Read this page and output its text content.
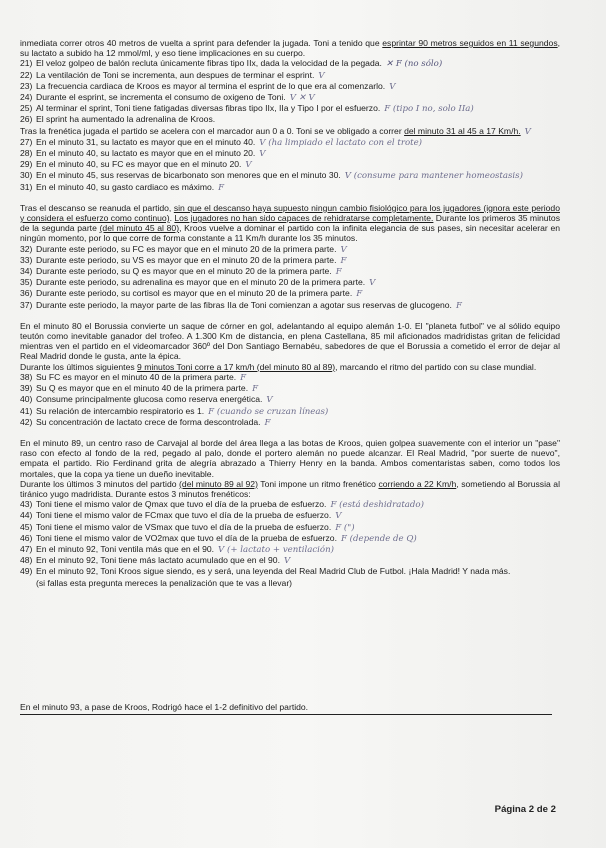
inmediata correr otros 40 metros de vuelta a sprint para defender la jugada. Toni a tenido que esprintar 90 metros seguidos en 11 segundos, su lactato a subido ha 12 mmol/ml, y eso tiene implicaciones en su cuerpo.

21) El veloz golpeo de balón recluta únicamente fibras tipo IIx, dada la velocidad de la pegada. ✕ F (no sólo)
22) La ventilación de Toni se incrementa, aun despues de terminar el esprint. V
23) La frecuencia cardiaca de Kroos es mayor al termina el esprint de lo que era al comenzarlo. V
24) Durante el esprint, se incrementa el consumo de oxigeno de Toni. V ✕ V
25) Al terminar el sprint, Toni tiene fatigadas diversas fibras tipo IIx, IIa y Tipo I por el esfuerzo. F (tipo I no, solo IIa)
26) El sprint ha aumentado la adrenalina de Kroos.

Tras la frenética jugada el partido se acelera con el marcador aun 0 a 0. Toni se ve obligado a correr del minuto 31 al 45 a 17 Km/h. V

27) En el minuto 31, su lactato es mayor que en el minuto 40. V (ha limpiado el lactato con el trote)
28) En el minuto 40, su lactato es mayor que en el minuto 20. V
29) En el minuto 40, su FC es mayor que en el minuto 20. V
30) En el minuto 45, sus reservas de bicarbonato son menores que en el minuto 30. V (consume para mantener homeostasis)
31) En el minuto 40, su gasto cardiaco es máximo. F

Tras el descanso se reanuda el partido, sin que el descanso haya supuesto ningun cambio fisiológico para los jugadores (ignora este periodo y considera el esfuerzo como continuo). Los jugadores no han sido capaces de rehidratarse completamente. Durante los primeros 35 minutos de la segunda parte (del minuto 45 al 80), Kroos vuelve a dominar el partido con la infinita elegancia de sus pases, sin necesitar acelerar en ningún momento, por lo que corre de forma constante a 11 Km/h durante los 35 minutos.

32) Durante este periodo, su FC es mayor que en el minuto 20 de la primera parte. V
33) Durante este periodo, su VS es mayor que en el minuto 20 de la primera parte. F
34) Durante este periodo, su Q es mayor que en el minuto 20 de la primera parte. F
35) Durante este periodo, su adrenalina es mayor que en el minuto 20 de la primera parte. V
36) Durante este periodo, su cortisol es mayor que en el minuto 20 de la primera parte. F
37) Durante este periodo, la mayor parte de las fibras IIa de Toni comienzan a agotar sus reservas de glucogeno. F

En el minuto 80 el Borussia convierte un saque de córner en gol, adelantando al equipo alemán 1-0. El "planeta futbol" ve al sólido equipo teutón como inevitable ganador del trofeo. A 1.300 Km de distancia, en plena Castellana, 85 mil aficionados madridistas gritan de felicidad mientras ven el partido en el videomarcador 360º del Don Santiago Bernabéu, sabedores de que el Borussia a cometido el error de dejar al Real Madrid donde le gusta, ante la épica.

Durante los últimos siguientes 9 minutos Toni corre a 17 km/h (del minuto 80 al 89), marcando el ritmo del partido con su clase mundial.

38) Su FC es mayor en el minuto 40 de la primera parte. F
39) Su Q es mayor que en el minuto 40 de la primera parte. F
40) Consume principalmente glucosa como reserva energética. V
41) Su relación de intercambio respiratorio es 1. F (cuando se cruzan líneas)
42) Su concentración de lactato crece de forma descontrolada. F

En el minuto 89, un centro raso de Carvajal al borde del área llega a las botas de Kroos, quien golpea suavemente con el interior un "pase" raso con efecto al fondo de la red, pegado al palo, donde el portero alemán no puede alcanzar. El Real Madrid, "por suerte de nuevo", empata el partido. Rio Ferdinand grita de alegría abrazado a Thierry Henry en la banda. Ambos comentaristas saben, como todos los mortales, que la copa ya tiene un dueño inevitable.

Durante los últimos 3 minutos del partido (del minuto 89 al 92) Toni impone un ritmo frenético corriendo a 22 Km/h, sometiendo al Borussia al tiránico yugo madridista. Durante estos 3 minutos frenéticos:

43) Toni tiene el mismo valor de Qmax que tuvo el día de la prueba de esfuerzo. F (está deshidratado)
44) Toni tiene el mismo valor de FCmax que tuvo el día de la prueba de esfuerzo. V
45) Toni tiene el mismo valor de VSmax que tuvo el día de la prueba de esfuerzo. F (")
46) Toni tiene el mismo valor de VO2max que tuvo el día de la prueba de esfuerzo. F (depende de Q)
47) En el minuto 92, Toni ventila más que en el 90. V (+ lactato + ventilación)
48) En el minuto 92, Toni tiene más lactato acumulado que en el 90. V
49) En el minuto 92, Toni Kroos sigue siendo, es y será, una leyenda del Real Madrid Club de Futbol. ¡Hala Madrid! Y nada más.
(si fallas esta pregunta mereces la penalización que te vas a llevar)
En el minuto 93, a pase de Kroos, Rodrigó hace el 1-2 definitivo del partido.
Página 2 de 2
